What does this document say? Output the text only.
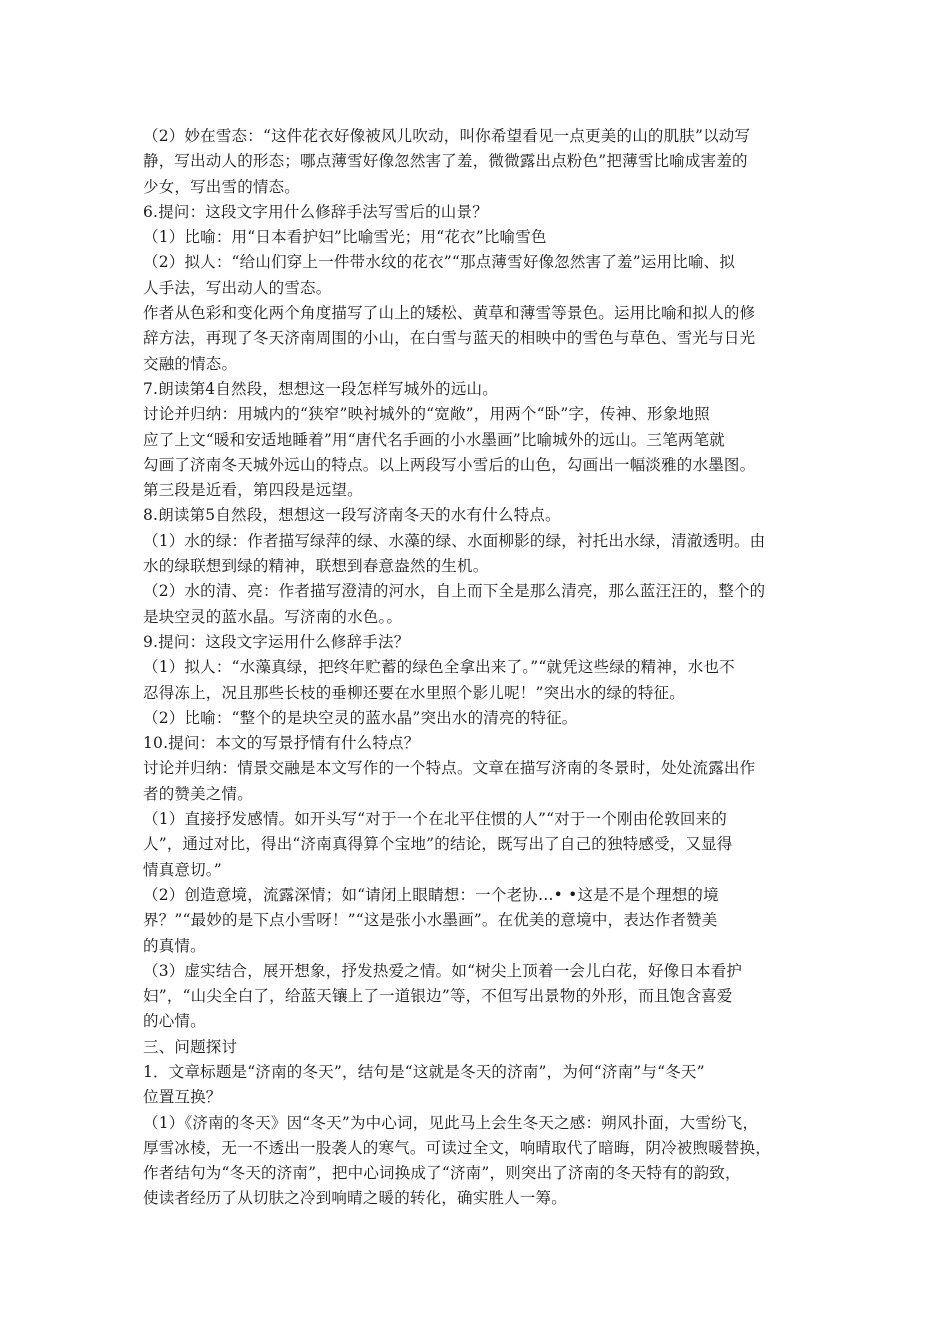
（2）妙在雪态：“这件花衣好像被风儿吹动，叫你希望看见一点更美的山的肌肤”以动写
静，写出动人的形态；哪点薄雪好像忽然害了羞，微微露出点粉色”把薄雪比喻成害羞的
少女，写出雪的情态。
6.提问：这段文字用什么修辞手法写雪后的山景？
（1）比喻：用“日本看护妇”比喻雪光；用“花衣”比喻雪色
（2）拟人：“给山们穿上一件带水纹的花衣”“那点薄雪好像忽然害了羞”运用比喻、拟
人手法，写出动人的雪态。
作者从色彩和变化两个角度描写了山上的矮松、黄草和薄雪等景色。运用比喻和拟人的修
辞方法，再现了冬天济南周围的小山，在白雪与蓝天的相映中的雪色与草色、雪光与日光
交融的情态。
7.朗读第4自然段，想想这一段怎样写城外的远山。
讨论并归纳：用城内的“狭窄”映衬城外的“宽敞”，用两个“卧”字，传神、形象地照
应了上文“暖和安适地睡着”用“唐代名手画的小水墨画”比喻城外的远山。三笔两笔就
勾画了济南冬天城外远山的特点。以上两段写小雪后的山色，勾画出一幅淡雅的水墨图。
第三段是近看，第四段是远望。
8.朗读第5自然段，想想这一段写济南冬天的水有什么特点。
（1）水的绿：作者描写绿萍的绿、水藻的绿、水面柳影的绿，衬托出水绿，清澈透明。由
水的绿联想到绿的精神，联想到春意盎然的生机。
（2）水的清、亮：作者描写澄清的河水，自上而下全是那么清亮，那么蓝汪汪的，整个的
是块空灵的蓝水晶。写济南的水色。。
9.提问：这段文字运用什么修辞手法？
（1）拟人：“水藻真绿，把终年贮蓄的绿色全拿出来了。”“就凭这些绿的精神，水也不
忍得冻上，况且那些长枝的垂柳还要在水里照个影儿呢！”突出水的绿的特征。
（2）比喻：“整个的是块空灵的蓝水晶”突出水的清亮的特征。
10.提问：本文的写景抒情有什么特点？
讨论并归纳：情景交融是本文写作的一个特点。文章在描写济南的冬景时，处处流露出作
者的赞美之情。
（1）直接抒发感情。如开头写“对于一个在北平住惯的人”“对于一个刚由伦敦回来的
人”，通过对比，得出“济南真得算个宝地”的结论，既写出了自己的独特感受，又显得
情真意切。”
（2）创造意境，流露深情；如“请闭上眼睛想：一个老协…• •这是不是个理想的境
界？”“最妙的是下点小雪呀！”“这是张小水墨画”。在优美的意境中，表达作者赞美
的真情。
（3）虚实结合，展开想象，抒发热爱之情。如“树尖上顶着一会儿白花，好像日本看护
妇”，“山尖全白了，给蓝天镶上了一道银边”等，不但写出景物的外形，而且饱含喜爱
的心情。
三、问题探讨
1．文章标题是“济南的冬天”，结句是“这就是冬天的济南”，为何“济南”与“冬天”
位置互换？
（1）《济南的冬天》因“冬天”为中心词，见此马上会生冬天之感：朔风扑面，大雪纷飞，
厚雪冰棱，无一不透出一股袭人的寒气。可读过全文，响晴取代了暗晦，阴冷被煦暖替换，
作者结句为“冬天的济南”，把中心词换成了“济南”，则突出了济南的冬天特有的韵致，
使读者经历了从切肤之冷到响晴之暖的转化，确实胜人一筹。
